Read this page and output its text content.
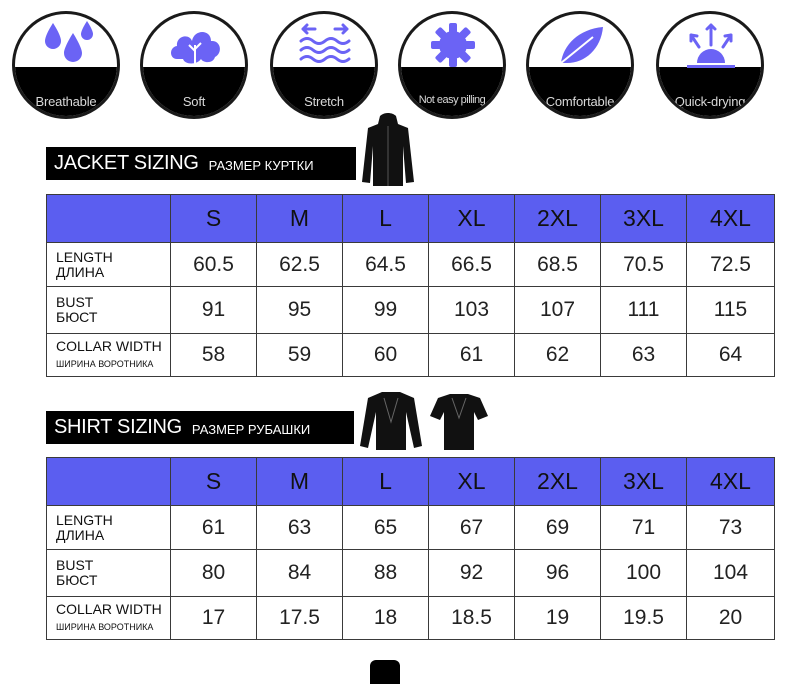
Breathable	Soft	Stretch	Not easy pilling	Comfortable	Quick-drying
JACKET SIZING РАЗМЕР КУРТКИ
	S	M	L	XL	2XL	3XL	4XL
LENGTH
ДЛИНА	60.5	62.5	64.5	66.5	68.5	70.5	72.5
BUST
БЮСТ	91	95	99	103	107	111	115
COLLAR WIDTH
ШИРИНА ВОРОТНИКА	58	59	60	61	62	63	64
SHIRT SIZING РАЗМЕР РУБАШКИ
	S	M	L	XL	2XL	3XL	4XL
LENGTH
ДЛИНА	61	63	65	67	69	71	73
BUST
БЮСТ	80	84	88	92	96	100	104
COLLAR WIDTH
ШИРИНА ВОРОТНИКА	17	17.5	18	18.5	19	19.5	20
